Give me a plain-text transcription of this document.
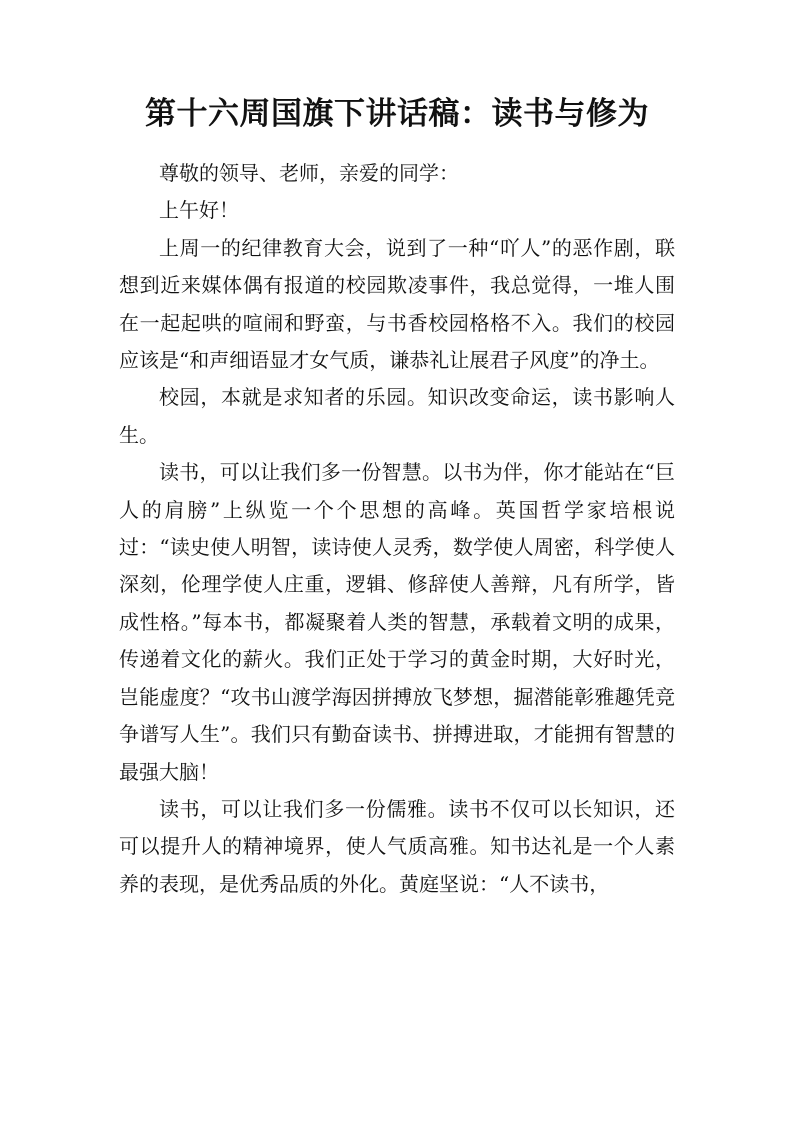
第十六周国旗下讲话稿：读书与修为

尊敬的领导、老师，亲爱的同学：

上午好！

上周一的纪律教育大会，说到了一种“吖人”的恶作剧，联想到近来媒体偶有报道的校园欺凌事件，我总觉得，一堆人围在一起起哄的喧闹和野蛮，与书香校园格格不入。我们的校园应该是“和声细语显才女气质，谦恭礼让展君子风度”的净土。

校园，本就是求知者的乐园。知识改变命运，读书影响人生。

读书，可以让我们多一份智慧。以书为伴，你才能站在“巨人的肩膀”上纵览一个个思想的高峰。英国哲学家培根说过：“读史使人明智，读诗使人灵秀，数学使人周密，科学使人深刻，伦理学使人庄重，逻辑、修辞使人善辩，凡有所学，皆成性格。”每本书，都凝聚着人类的智慧，承载着文明的成果，传递着文化的薪火。我们正处于学习的黄金时期，大好时光，岂能虚度？“攻书山渡学海因拼搏放飞梦想，掘潜能彰雅趣凭竞争谱写人生”。我们只有勤奋读书、拼搏进取，才能拥有智慧的最强大脑！

读书，可以让我们多一份儒雅。读书不仅可以长知识，还可以提升人的精神境界，使人气质高雅。知书达礼是一个人素养的表现，是优秀品质的外化。黄庭坚说：“人不读书，
